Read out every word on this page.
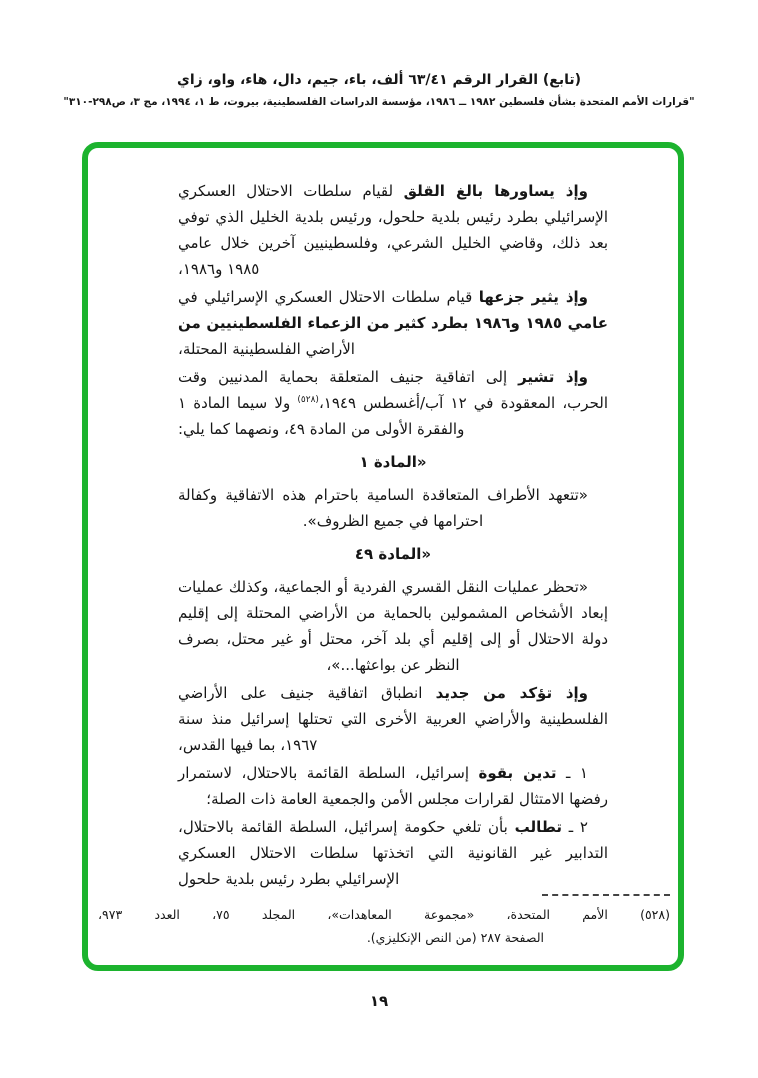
(تابع) القرار الرقم ٦٣/٤١ ألف، باء، جيم، دال، هاء، واو، زاي
"قرارات الأمم المتحدة بشأن فلسطين ١٩٨٢ ــ ١٩٨٦، مؤسسة الدراسات الفلسطينية، بيروت، ط ١، ١٩٩٤، مج ٣، ص٢٩٨-٣١٠"

وإذ يساورها بالغ القلق لقيام سلطات الاحتلال العسكري الإسرائيلي بطرد رئيس بلدية حلحول، ورئيس بلدية الخليل الذي توفي بعد ذلك، وقاضي الخليل الشرعي، وفلسطينيين آخرين خلال عامي ١٩٨٥ و١٩٨٦،

وإذ يثير جزعها قيام سلطات الاحتلال العسكري الإسرائيلي في عامي ١٩٨٥ و١٩٨٦ بطرد كثير من الزعماء الفلسطينيين من الأراضي الفلسطينية المحتلة،

وإذ تشير إلى اتفاقية جنيف المتعلقة بحماية المدنيين وقت الحرب، المعقودة في ١٢ آب/أغسطس ١٩٤٩،$^{(٥٢٨)}$ ولا سيما المادة ١ والفقرة الأولى من المادة ٤٩، ونصهما كما يلي:

«المادة ١

«تتعهد الأطراف المتعاقدة السامية باحترام هذه الاتفاقية وكفالة احترامها في جميع الظروف».

«المادة ٤٩

«تحظر عمليات النقل القسري الفردية أو الجماعية، وكذلك عمليات إبعاد الأشخاص المشمولين بالحماية من الأراضي المحتلة إلى إقليم دولة الاحتلال أو إلى إقليم أي بلد آخر، محتل أو غير محتل، بصرف النظر عن بواعثها...»،

وإذ تؤكد من جديد انطباق اتفاقية جنيف على الأراضي الفلسطينية والأراضي العربية الأخرى التي تحتلها إسرائيل منذ سنة ١٩٦٧، بما فيها القدس،

١ ـ تدين بقوة إسرائيل، السلطة القائمة بالاحتلال، لاستمرار رفضها الامتثال لقرارات مجلس الأمن والجمعية العامة ذات الصلة؛

٢ ـ تطالب بأن تلغي حكومة إسرائيل، السلطة القائمة بالاحتلال، التدابير غير القانونية التي اتخذتها سلطات الاحتلال العسكري الإسرائيلي بطرد رئيس بلدية حلحول

(٥٢٨) الأمم المتحدة، «مجموعة المعاهدات»، المجلد ٧٥، العدد ٩٧٣،
الصفحة ٢٨٧ (من النص الإنكليزي).
١٩
